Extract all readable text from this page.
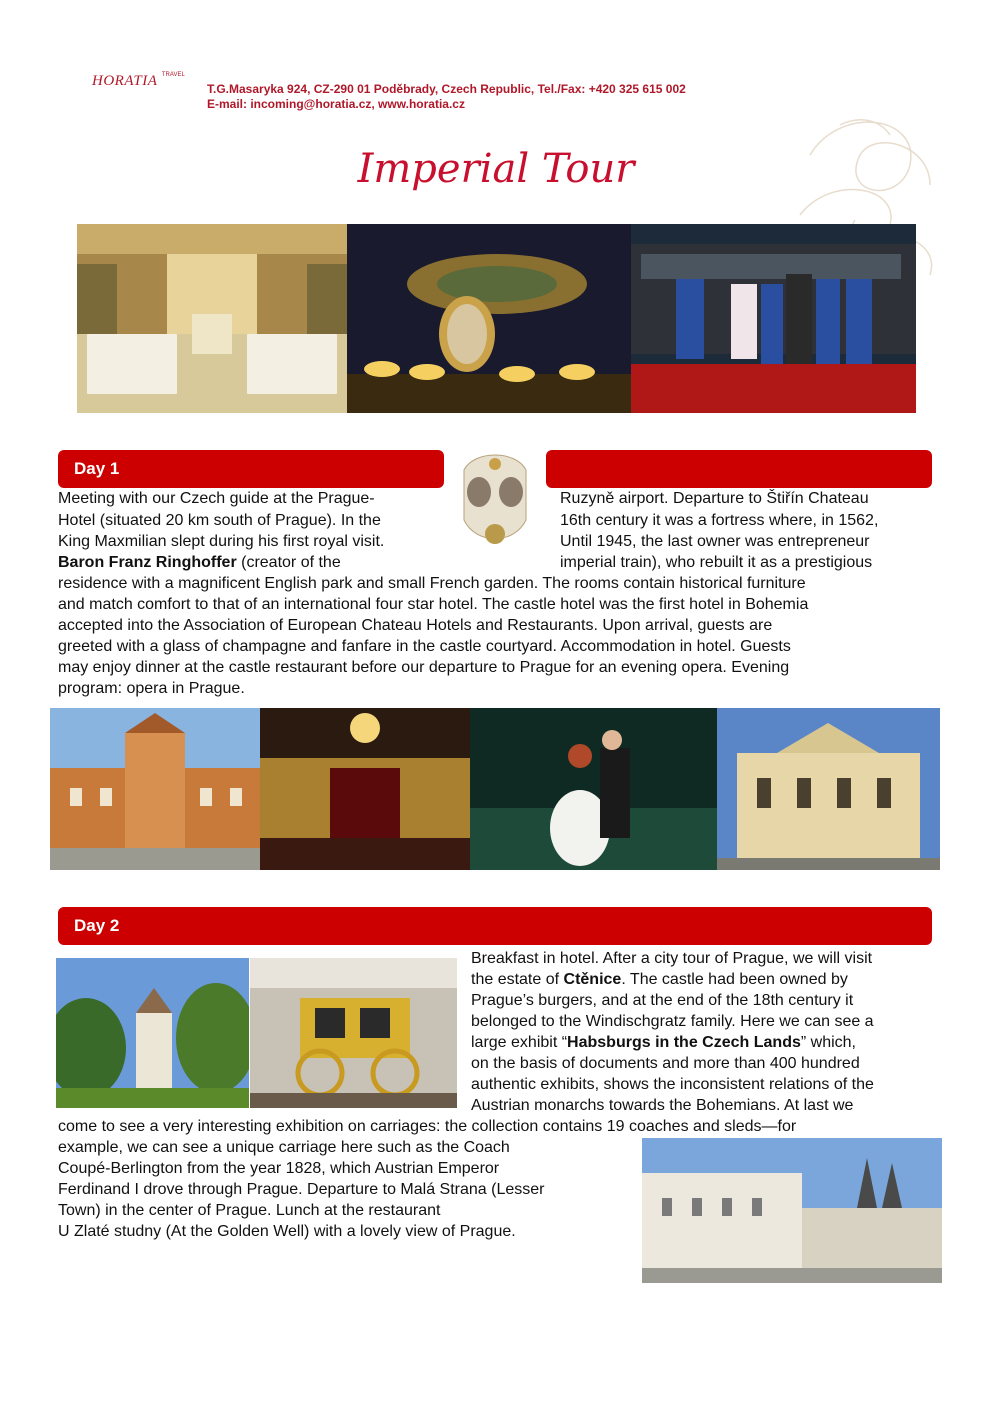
HORATIA $^{TRAVEL}$
T.G.Masaryka 924, CZ-290 01 Poděbrady, Czech Republic, Tel./Fax: +420 325 615 002
E-mail: incoming@horatia.cz, www.horatia.cz
Imperial Tour
Day 1
Meeting with our Czech guide at the Prague-	Ruzyně airport. Departure to Štiřín Chateau
Hotel (situated 20 km south of Prague). In the	16th century it was a fortress where, in 1562,
King Maxmilian slept during his first royal visit.	Until 1945, the last owner was entrepreneur
Baron Franz Ringhoffer (creator of the	imperial train), who rebuilt it as a prestigious
residence with a magnificent English park and small French garden. The rooms contain historical furniture
and match comfort to that of an international four star hotel. The castle hotel was the first hotel in Bohemia
accepted into the Association of European Chateau Hotels and Restaurants. Upon arrival, guests are
greeted with a glass of champagne and fanfare in the castle courtyard. Accommodation in hotel. Guests
may enjoy dinner at the castle restaurant before our departure to Prague for an evening opera. Evening
program: opera in Prague.
Day 2
Breakfast in hotel. After a city tour of Prague, we will visit
the estate of Ctěnice. The castle had been owned by
Prague’s burgers, and at the end of the 18th century it
belonged to the Windischgratz family. Here we can see a
large exhibit “Habsburgs in the Czech Lands” which,
on the basis of documents and more than 400 hundred
authentic exhibits, shows the inconsistent relations of the
Austrian monarchs towards the Bohemians. At last we
come to see a very interesting exhibition on carriages: the collection contains 19 coaches and sleds—for
example, we can see a unique carriage here such as the Coach
Coupé-Berlington from the year 1828, which Austrian Emperor
Ferdinand I drove through Prague. Departure to Malá Strana (Lesser
Town) in the center of Prague. Lunch at the restaurant
U Zlaté studny (At the Golden Well) with a lovely view of Prague.
